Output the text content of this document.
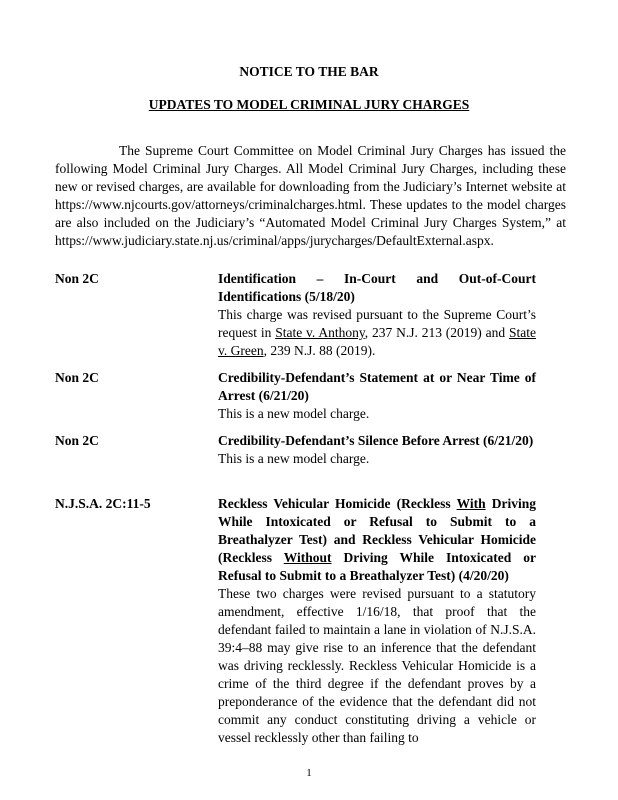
NOTICE TO THE BAR

UPDATES TO MODEL CRIMINAL JURY CHARGES

The Supreme Court Committee on Model Criminal Jury Charges has issued the following Model Criminal Jury Charges. All Model Criminal Jury Charges, including these new or revised charges, are available for downloading from the Judiciary’s Internet website at https://www.njcourts.gov/attorneys/criminalcharges.html. These updates to the model charges are also included on the Judiciary’s “Automated Model Criminal Jury Charges System,” at https://www.judiciary.state.nj.us/criminal/apps/jurycharges/DefaultExternal.aspx.

Non 2C	Identification – In-Court and Out-of-Court Identifications (5/18/20)

This charge was revised pursuant to the Supreme Court’s request in State v. Anthony, 237 N.J. 213 (2019) and State v. Green, 239 N.J. 88 (2019).

Non 2C	Credibility-Defendant’s Statement at or Near Time of Arrest (6/21/20)

This is a new model charge.

Non 2C	Credibility-Defendant’s Silence Before Arrest (6/21/20)

This is a new model charge.

N.J.S.A. 2C:11-5	Reckless Vehicular Homicide (Reckless With Driving While Intoxicated or Refusal to Submit to a Breathalyzer Test) and Reckless Vehicular Homicide (Reckless Without Driving While Intoxicated or Refusal to Submit to a Breathalyzer Test) (4/20/20)

These two charges were revised pursuant to a statutory amendment, effective 1/16/18, that proof that the defendant failed to maintain a lane in violation of N.J.S.A. 39:4–88 may give rise to an inference that the defendant was driving recklessly. Reckless Vehicular Homicide is a crime of the third degree if the defendant proves by a preponderance of the evidence that the defendant did not commit any conduct constituting driving a vehicle or vessel recklessly other than failing to

1
